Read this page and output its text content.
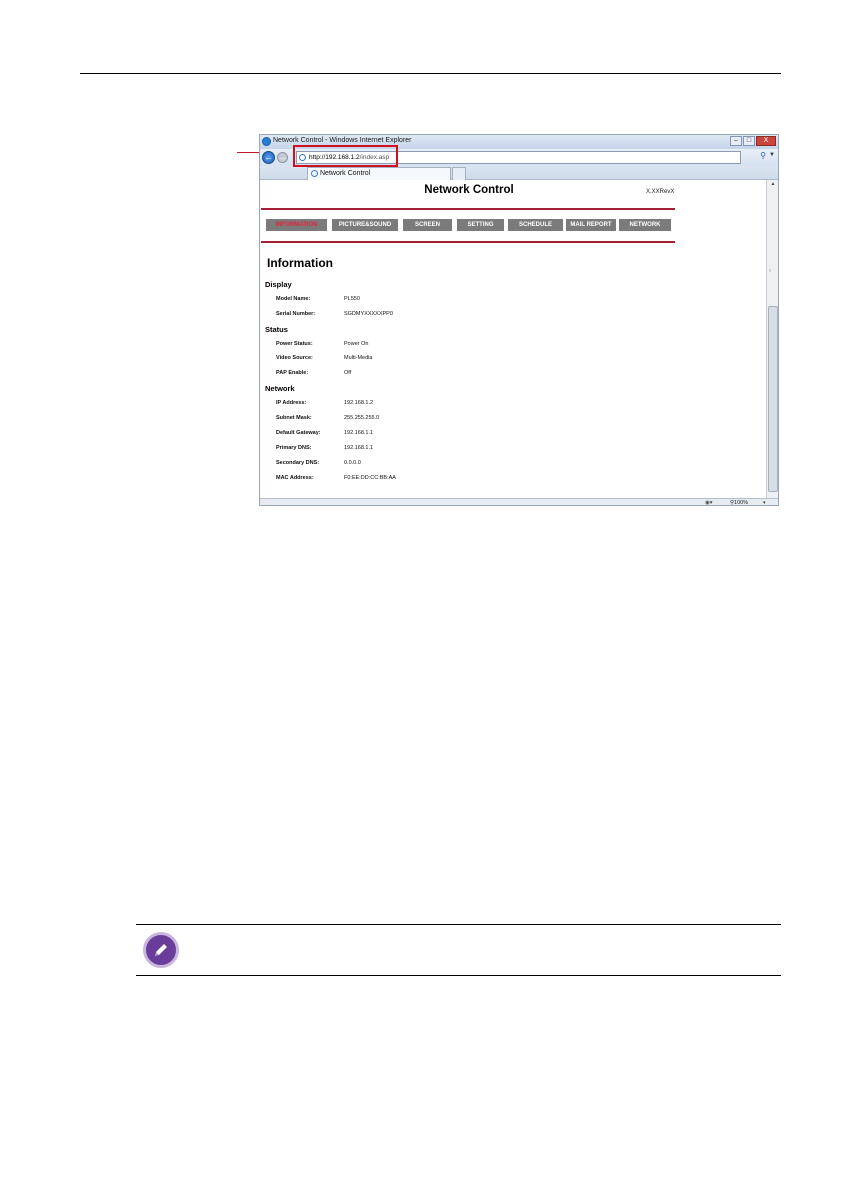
Network Control - Windows Internet Explorer	–	□	X
← →	http://192.168.1.2/index.asp	⚲ ▼
Network Control
Network Control	X.XXRevX
INFORMATION	PICTURE&SOUND	SCREEN	SETTING	SCHEDULE	MAIL REPORT	NETWORK
Information
Display
Model Name:	PL550
Serial Number:	SGDMYXXXXXPP0
Status
Power Status:	Power On
Video Source:	Multi-Media
PAP Enable:	Off
Network
IP Address:	192.168.1.2
Subnet Mask:	255.255.255.0
Default Gateway:	192.168.1.1
Primary DNS:	192.168.1.1
Secondary DNS:	0.0.0.0
MAC Address:	F0:EE:DD:CC:BB:AA
▲
≡
◉▾	⚲100%	▾
